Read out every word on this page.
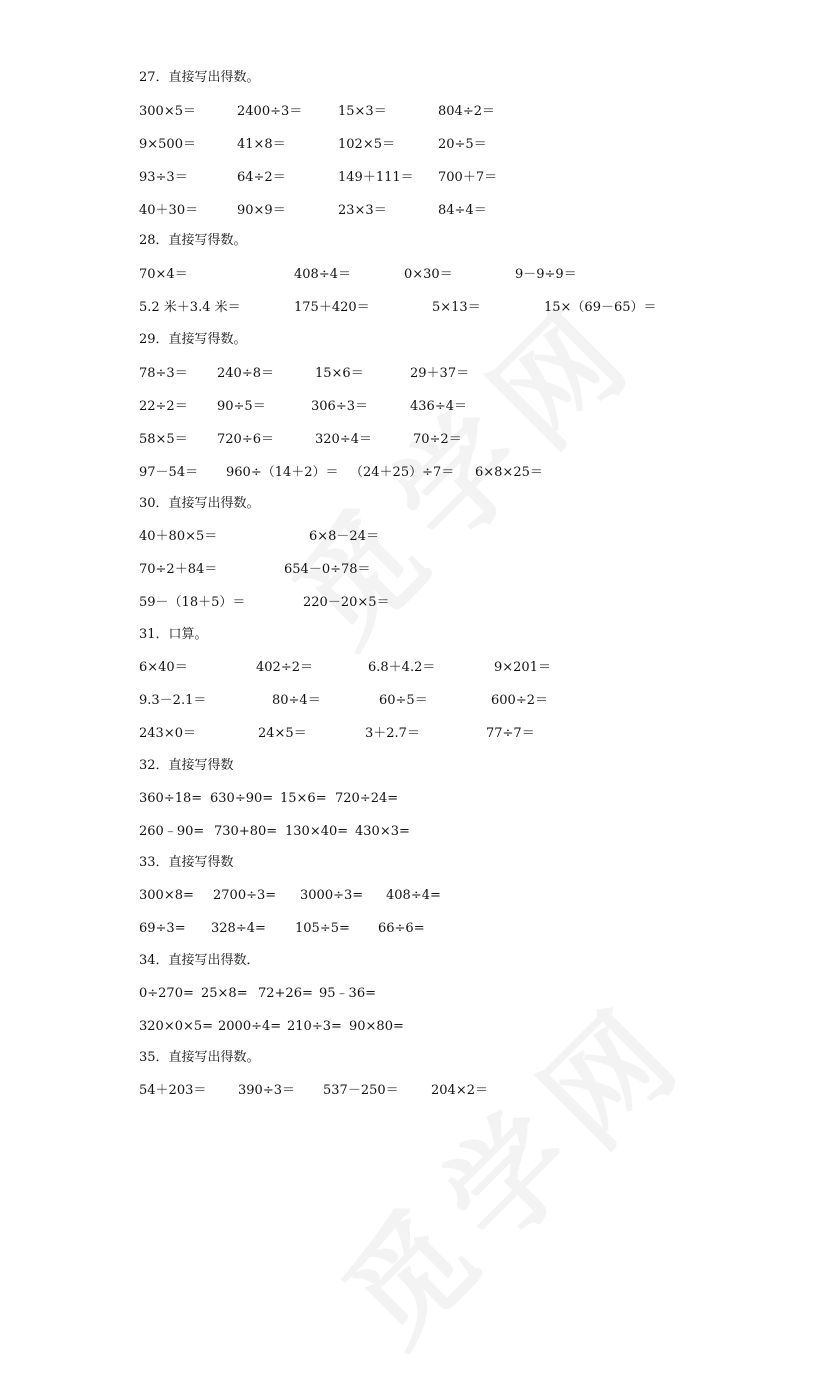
27．直接写出得数。
300×5＝	2400÷3＝	15×3＝	804÷2＝
9×500＝	41×8＝	102×5＝	20÷5＝
93÷3＝	64÷2＝	149＋111＝ 700＋7＝
40＋30＝	90×9＝	23×3＝	84÷4＝
28．直接写得数。
70×4＝	408÷4＝	0×30＝	9－9÷9＝
5.2 米＋3.4 米＝	175＋420＝	5×13＝	15×（69－65）＝
29．直接写得数。
78÷3＝ 240÷8＝	15×6＝	29＋37＝
22÷2＝ 90÷5＝	306÷3＝	436÷4＝
58×5＝ 720÷6＝	320÷4＝	70÷2＝
97－54＝ 960÷（14＋2）＝ （24＋25）÷7＝ 6×8×25＝
30．直接写出得数。
40＋80×5＝	6×8－24＝
70÷2＋84＝	654－0÷78＝
59－（18＋5）＝	220－20×5＝
31．口算。
6×40＝	402÷2＝	6.8＋4.2＝	9×201＝
9.3－2.1＝	80÷4＝	60÷5＝	600÷2＝
243×0＝	24×5＝	3＋2.7＝	77÷7＝
32．直接写得数
360÷18= 630÷90= 15×6= 720÷24=
260﹣90= 730+80= 130×40= 430×3=
33．直接写得数
300×8= 2700÷3= 3000÷3= 408÷4=
69÷3= 328÷4= 105÷5= 66÷6=
34．直接写出得数．
0÷270= 25×8= 72+26= 95﹣36=
320×0×5= 2000÷4= 210÷3= 90×80=
35．直接写出得数。
54＋203＝ 390÷3＝ 537－250＝ 204×2＝
